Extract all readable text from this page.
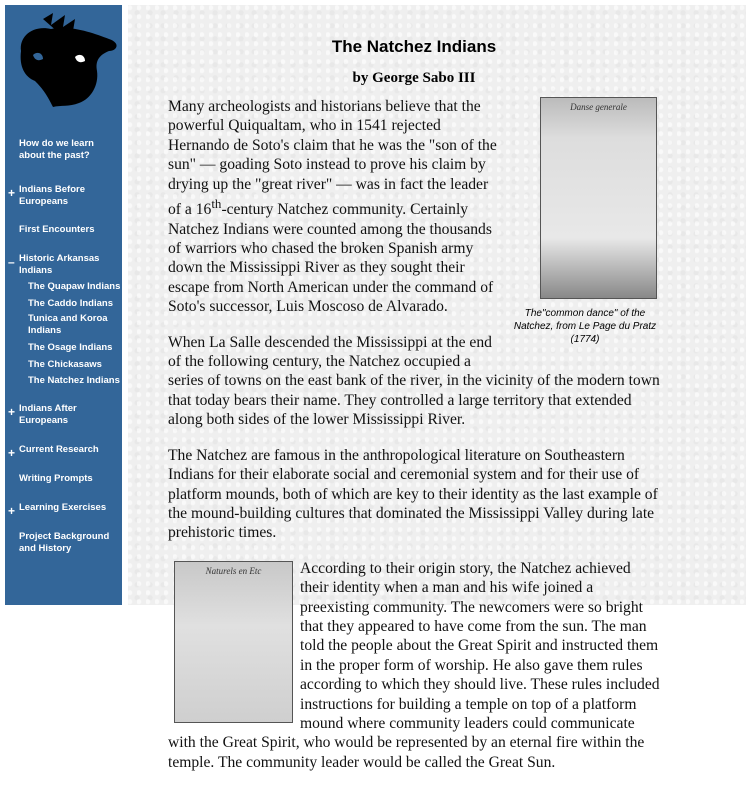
How do we learn about the past?
+ Indians Before Europeans
First Encounters
– Historic Arkansas Indians
The Quapaw Indians
The Caddo Indians
Tunica and Koroa Indians
The Osage Indians
The Chickasaws
The Natchez Indians
+ Indians After Europeans
+ Current Research
Writing Prompts
+ Learning Exercises
Project Background and History
The Natchez Indians
by George Sabo III
Danse generale
The"common dance" of the Natchez, from Le Page du Pratz (1774)

Many archeologists and historians believe that the powerful Quiqualtam, who in 1541 rejected Hernando de Soto's claim that he was the "son of the sun" — goading Soto instead to prove his claim by drying up the "great river" — was in fact the leader of a 16th-century Natchez community. Certainly Natchez Indians were counted among the thousands of warriors who chased the broken Spanish army down the Mississippi River as they sought their escape from North American under the command of Soto's successor, Luis Moscoso de Alvarado.

When La Salle descended the Mississippi at the end of the following century, the Natchez occupied a series of towns on the east bank of the river, in the vicinity of the modern town that today bears their name. They controlled a large territory that extended along both sides of the lower Mississippi River.

The Natchez are famous in the anthropological literature on Southeastern Indians for their elaborate social and ceremonial system and for their use of platform mounds, both of which are key to their identity as the last example of the mound-building cultures that dominated the Mississippi Valley during late prehistoric times.

Naturels en Etc	According to their origin story, the Natchez achieved their identity when a man and his wife joined a preexisting community. The newcomers were so bright that they appeared to have come from the sun. The man told the people about the Great Spirit and instructed them in the proper form of worship. He also gave them rules according to which they should live. These rules included instructions for building a temple on top of a platform mound where community leaders could communicate with the Great Spirit, who would be represented by an eternal fire within the temple. The community leader would be called the Great Sun.
